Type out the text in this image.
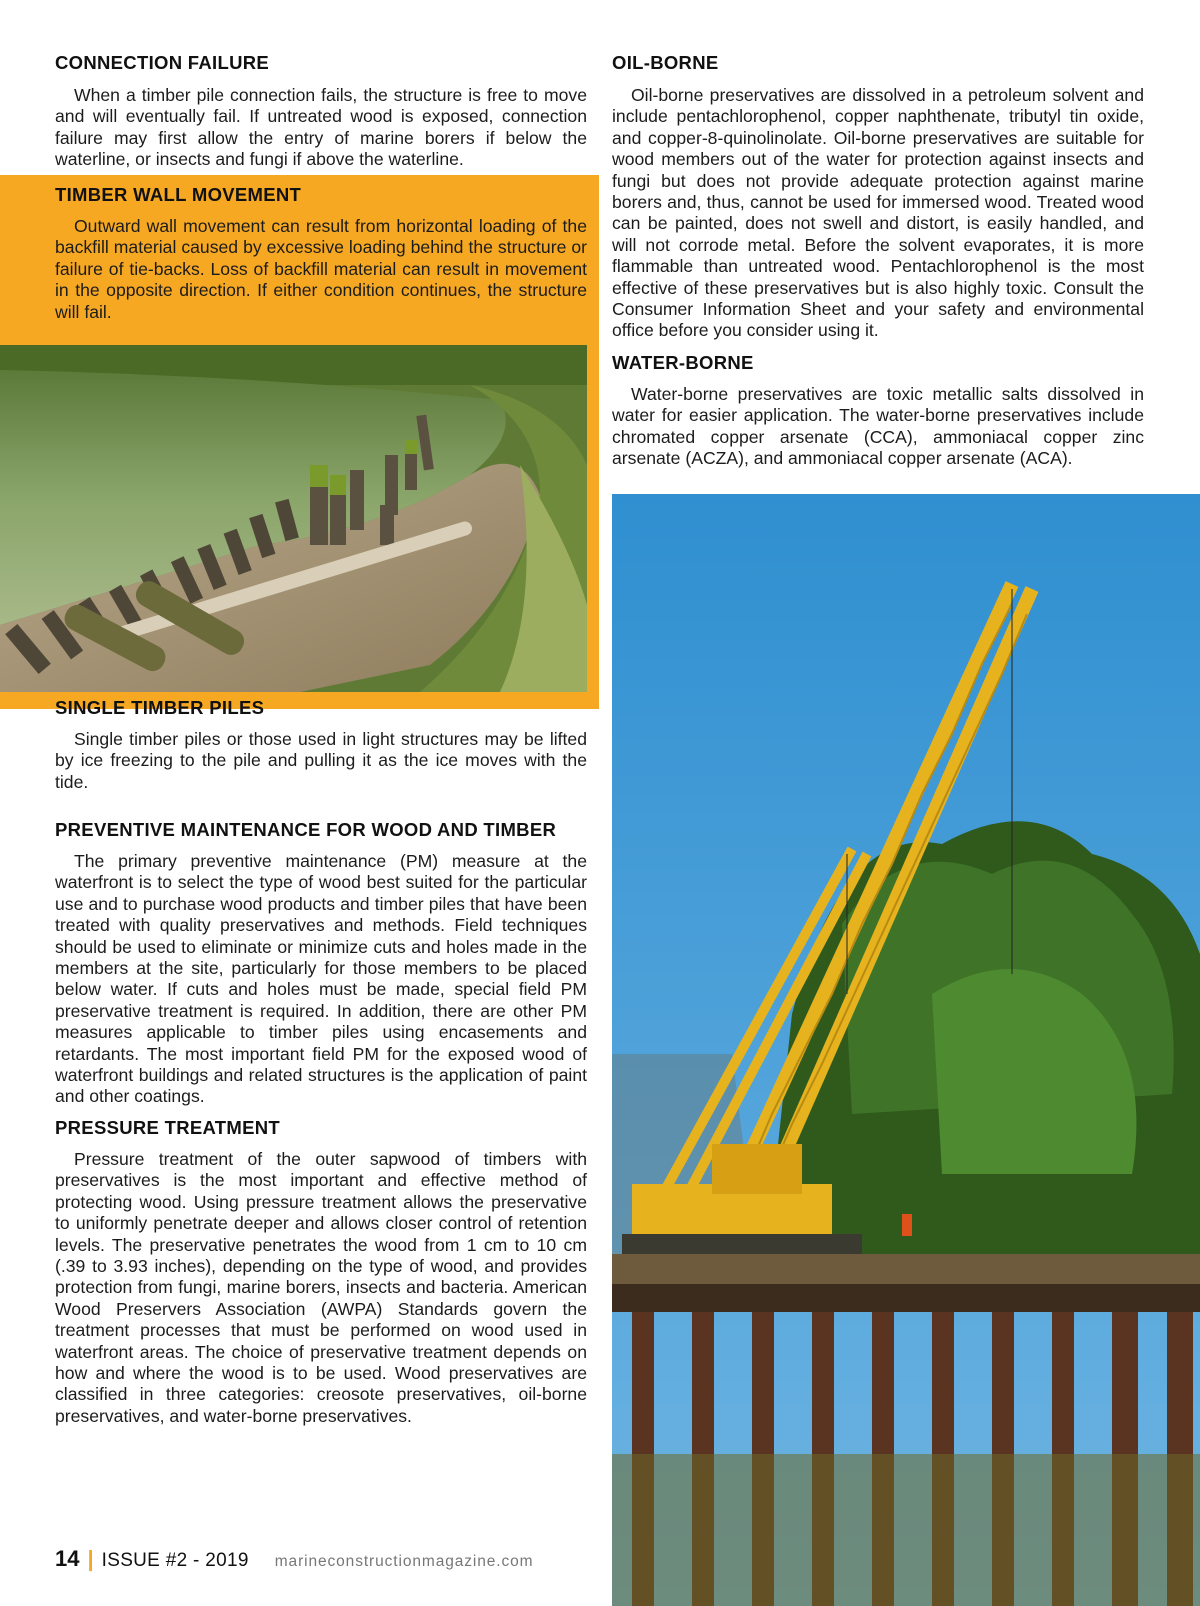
CONNECTION FAILURE

When a timber pile connection fails, the structure is free to move and will eventually fail. If untreated wood is exposed, connection failure may first allow the entry of marine borers if below the waterline, or insects and fungi if above the waterline.

TIMBER WALL MOVEMENT

Outward wall movement can result from horizontal loading of the backfill material caused by excessive loading behind the structure or failure of tie-backs. Loss of backfill material can result in movement in the opposite direction. If either condition continues, the structure will fail.

SINGLE TIMBER PILES

Single timber piles or those used in light structures may be lifted by ice freezing to the pile and pulling it as the ice moves with the tide.

PREVENTIVE MAINTENANCE FOR WOOD AND TIMBER

The primary preventive maintenance (PM) measure at the waterfront is to select the type of wood best suited for the particular use and to purchase wood products and timber piles that have been treated with quality preservatives and methods. Field techniques should be used to eliminate or minimize cuts and holes made in the members at the site, particularly for those members to be placed below water. If cuts and holes must be made, special field PM preservative treatment is required. In addition, there are other PM measures applicable to timber piles using encasements and retardants. The most important field PM for the exposed wood of waterfront buildings and related structures is the application of paint and other coatings.

PRESSURE TREATMENT

Pressure treatment of the outer sapwood of timbers with preservatives is the most important and effective method of protecting wood. Using pressure treatment allows the preservative to uniformly penetrate deeper and allows closer control of retention levels. The preservative penetrates the wood from 1 cm to 10 cm (.39 to 3.93 inches), depending on the type of wood, and provides protection from fungi, marine borers, insects and bacteria. American Wood Preservers Association (AWPA) Standards govern the treatment processes that must be performed on wood used in waterfront areas. The choice of preservative treatment depends on how and where the wood is to be used. Wood preservatives are classified in three categories: creosote preservatives, oil-borne preservatives, and water-borne preservatives.

OIL-BORNE

Oil-borne preservatives are dissolved in a petroleum solvent and include pentachlorophenol, copper naphthenate, tributyl tin oxide, and copper-8-quinolinolate. Oil-borne preservatives are suitable for wood members out of the water for protection against insects and fungi but does not provide adequate protection against marine borers and, thus, cannot be used for immersed wood. Treated wood can be painted, does not swell and distort, is easily handled, and will not corrode metal. Before the solvent evaporates, it is more flammable than untreated wood. Pentachlorophenol is the most effective of these preservatives but is also highly toxic. Consult the Consumer Information Sheet and your safety and environmental office before you consider using it.

WATER-BORNE

Water-borne preservatives are toxic metallic salts dissolved in water for easier application. The water-borne preservatives include chromated copper arsenate (CCA), ammoniacal copper zinc arsenate (ACZA), and ammoniacal copper arsenate (ACA).

14 | ISSUE #2 - 2019 marineconstructionmagazine.com
